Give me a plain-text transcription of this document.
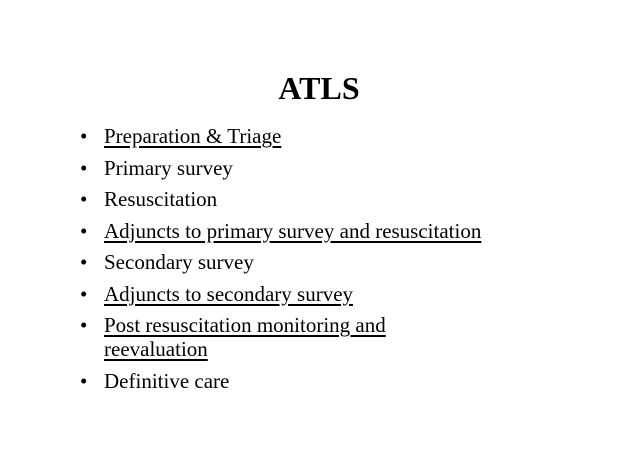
ATLS
• Preparation & Triage
• Primary survey
• Resuscitation
• Adjuncts to primary survey and resuscitation
• Secondary survey
• Adjuncts to secondary survey
• Post resuscitation monitoring and reevaluation
• Definitive care
